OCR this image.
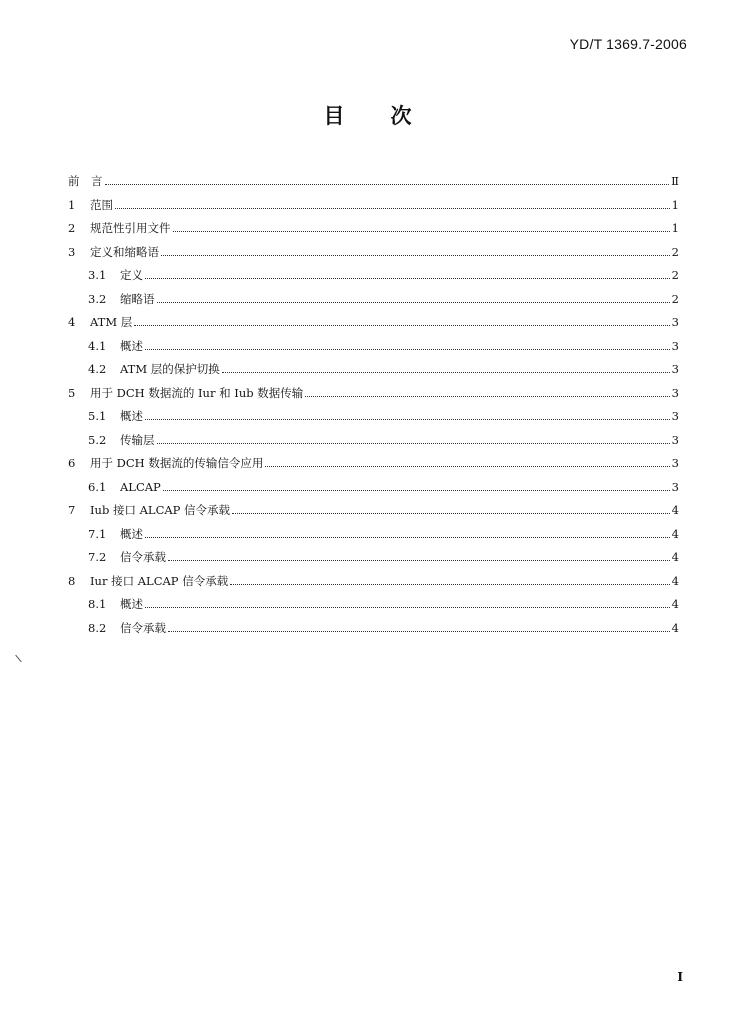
YD/T 1369.7-2006
目次
前　言	Ⅱ
1	范围	1
2	规范性引用文件	1
3	定义和缩略语	2
3.1	定义	2
3.2	缩略语	2
4	ATM 层	3
4.1	概述	3
4.2	ATM 层的保护切换	3
5	用于 DCH 数据流的 Iur 和 Iub 数据传输	3
5.1	概述	3
5.2	传输层	3
6	用于 DCH 数据流的传输信令应用	3
6.1	ALCAP	3
7	Iub 接口 ALCAP 信令承载	4
7.1	概述	4
7.2	信令承载	4
8	Iur 接口 ALCAP 信令承载	4
8.1	概述	4
8.2	信令承载	4
I
